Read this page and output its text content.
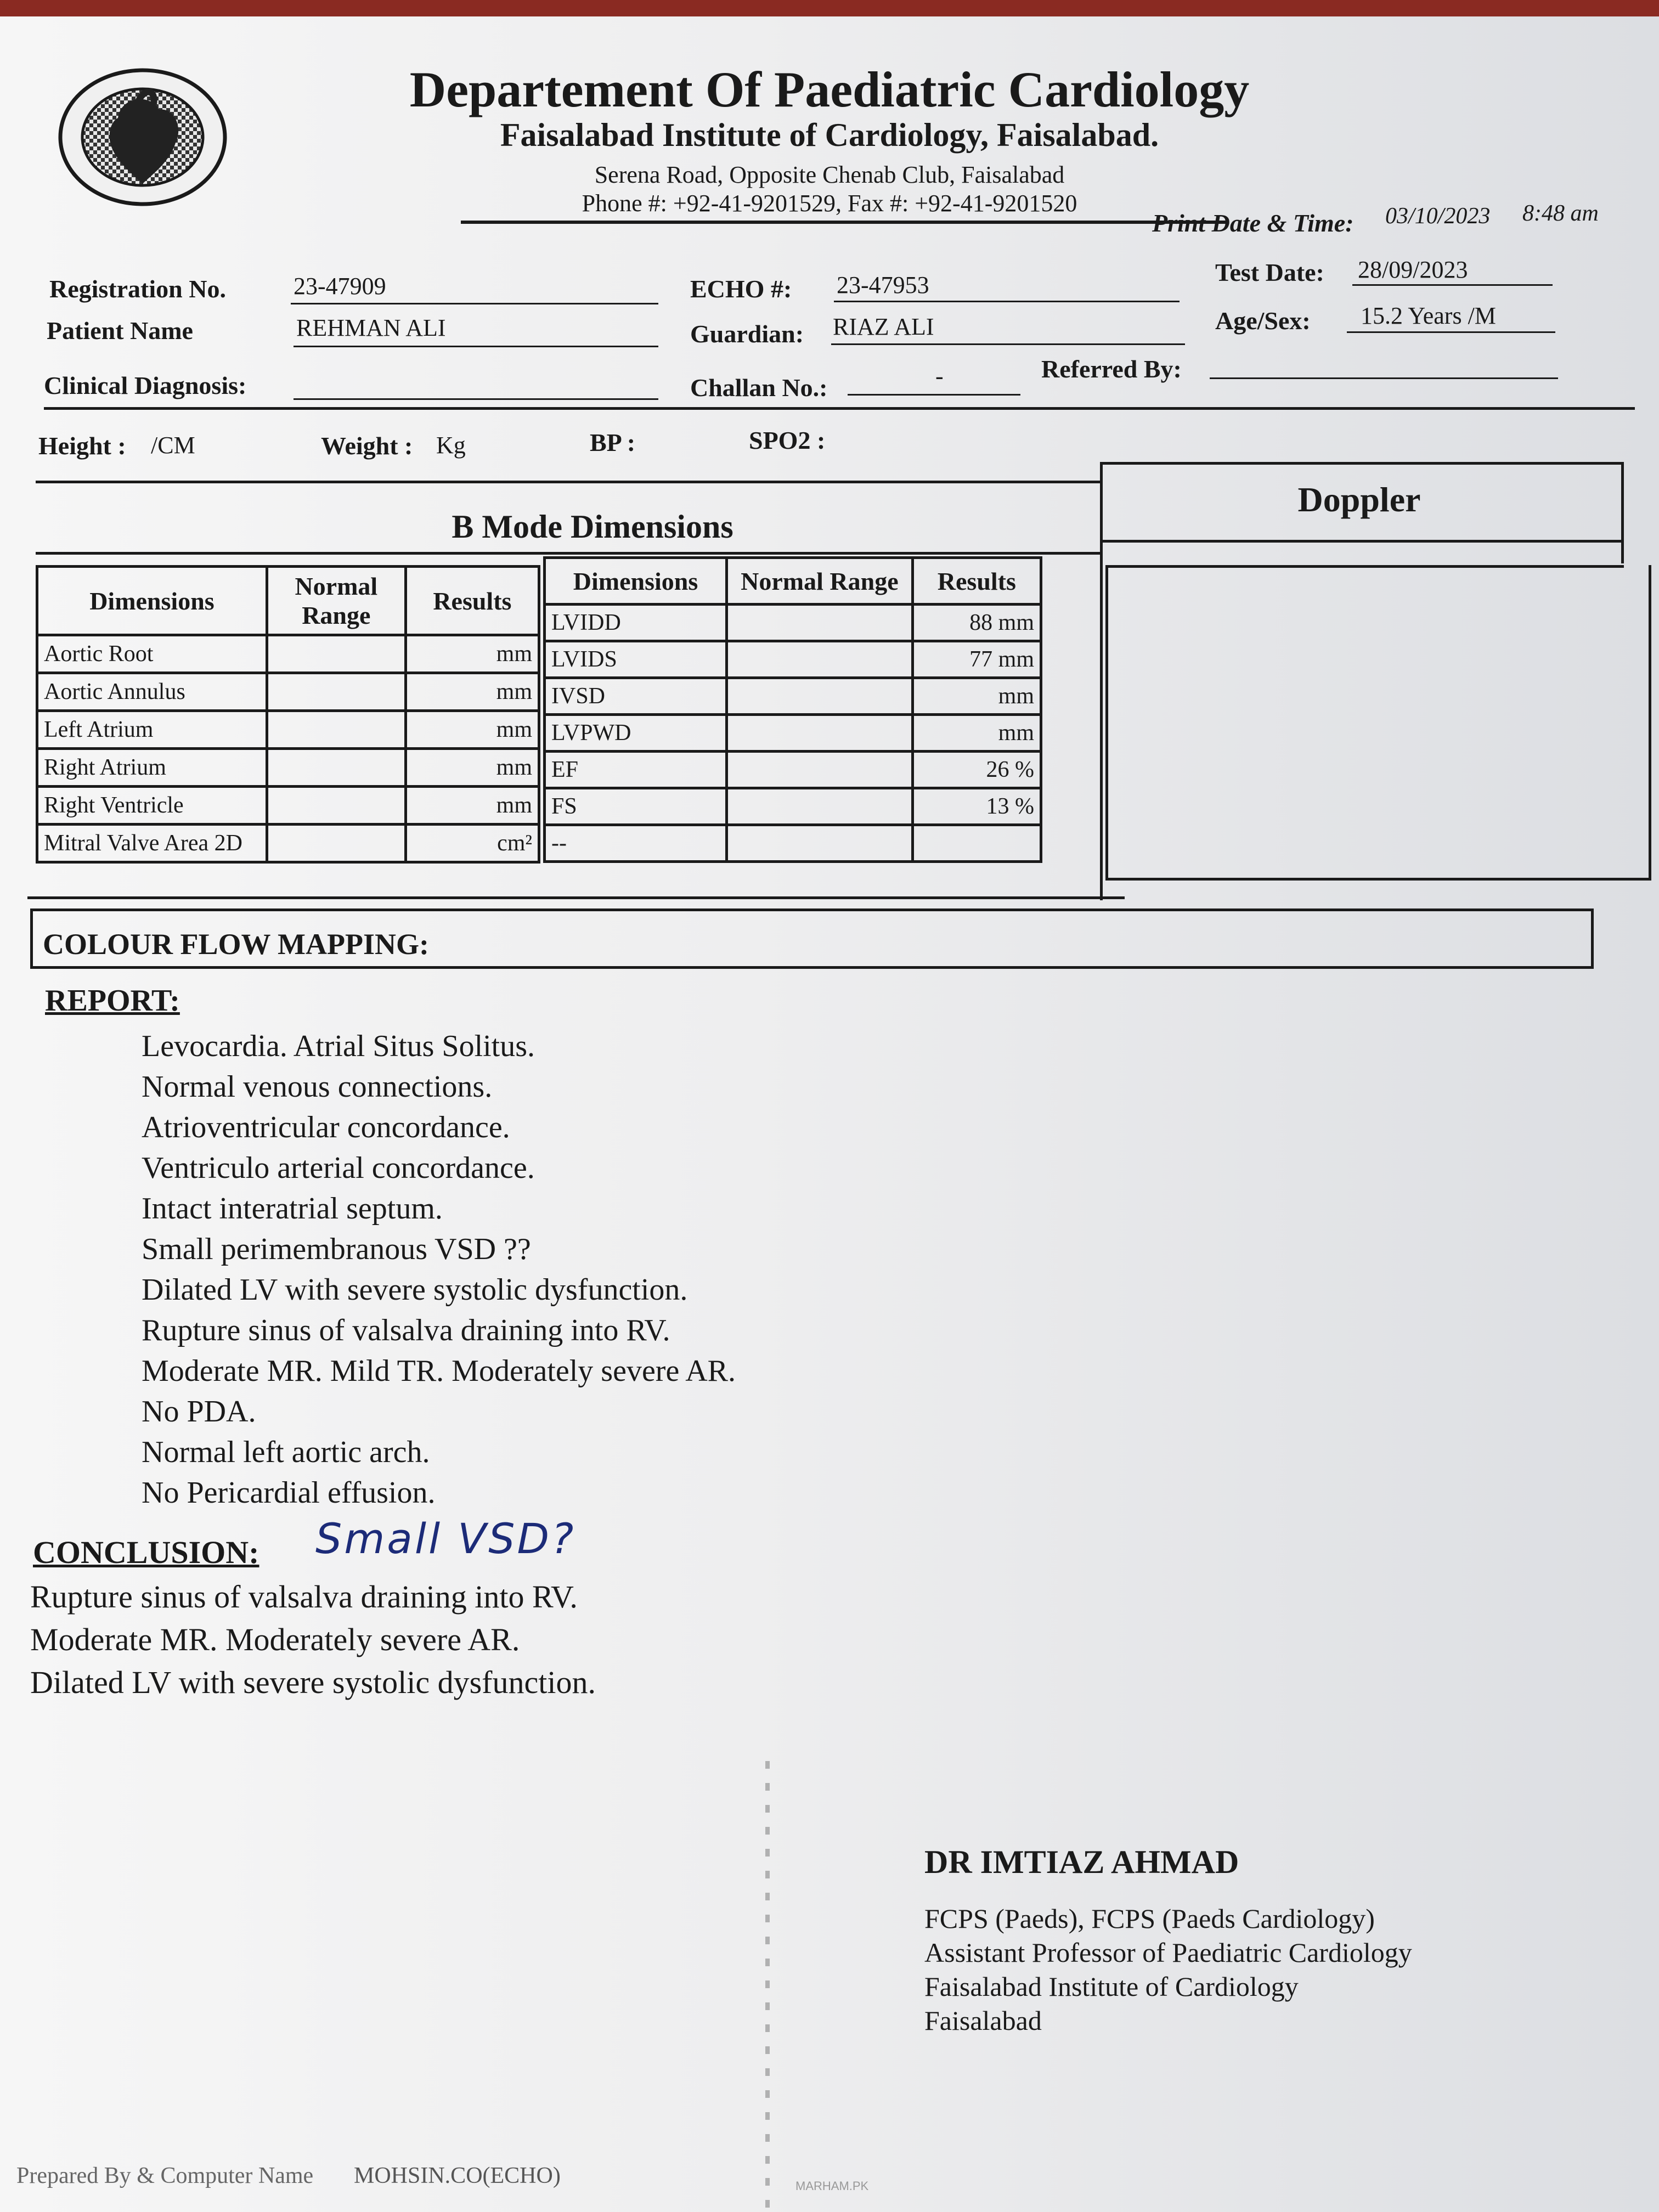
Departement Of Paediatric Cardiology
Faisalabad Institute of Cardiology, Faisalabad.
Serena Road, Opposite Chenab Club, Faisalabad
Phone #: +92-41-9201529, Fax #: +92-41-9201520
Print Date & Time: 03/10/2023 8:48 am
Registration No.	23-47909	ECHO #: 23-47953	Test Date: 28/09/2023
Patient Name	REHMAN ALI	Guardian: RIAZ ALI	Age/Sex: 15.2 Years /M
Clinical Diagnosis:	Challan No.:	-	Referred By:
Height : /CM	Weight : Kg	BP :	SPO2 :
B Mode Dimensions
Dimensions	Normal Range	Results
Aortic Root		mm
Aortic Annulus		mm
Left Atrium		mm
Right Atrium		mm
Right Ventricle		mm
Mitral Valve Area 2D		cm²
Dimensions	Normal Range	Results
LVIDD		88 mm
LVIDS		77 mm
IVSD		mm
LVPWD		mm
EF		26 %
FS		13 %
--		
Doppler
COLOUR FLOW MAPPING:
REPORT:
Levocardia. Atrial Situs Solitus.
Normal venous connections.
Atrioventricular concordance.
Ventriculo arterial concordance.
Intact interatrial septum.
Small perimembranous VSD ??
Dilated LV with severe systolic dysfunction.
Rupture sinus of valsalva draining into RV.
Moderate MR. Mild TR. Moderately severe AR.
No PDA.
Normal left aortic arch.
No Pericardial effusion.
CONCLUSION: Small VSD?
Rupture sinus of valsalva draining into RV.
Moderate MR. Moderately severe AR.
Dilated LV with severe systolic dysfunction.
DR IMTIAZ AHMAD
FCPS (Paeds), FCPS (Paeds Cardiology)
Assistant Professor of Paediatric Cardiology
Faisalabad Institute of Cardiology
Faisalabad
Prepared By & Computer Name MOHSIN.CO(ECHO)	MARHAM.PK
